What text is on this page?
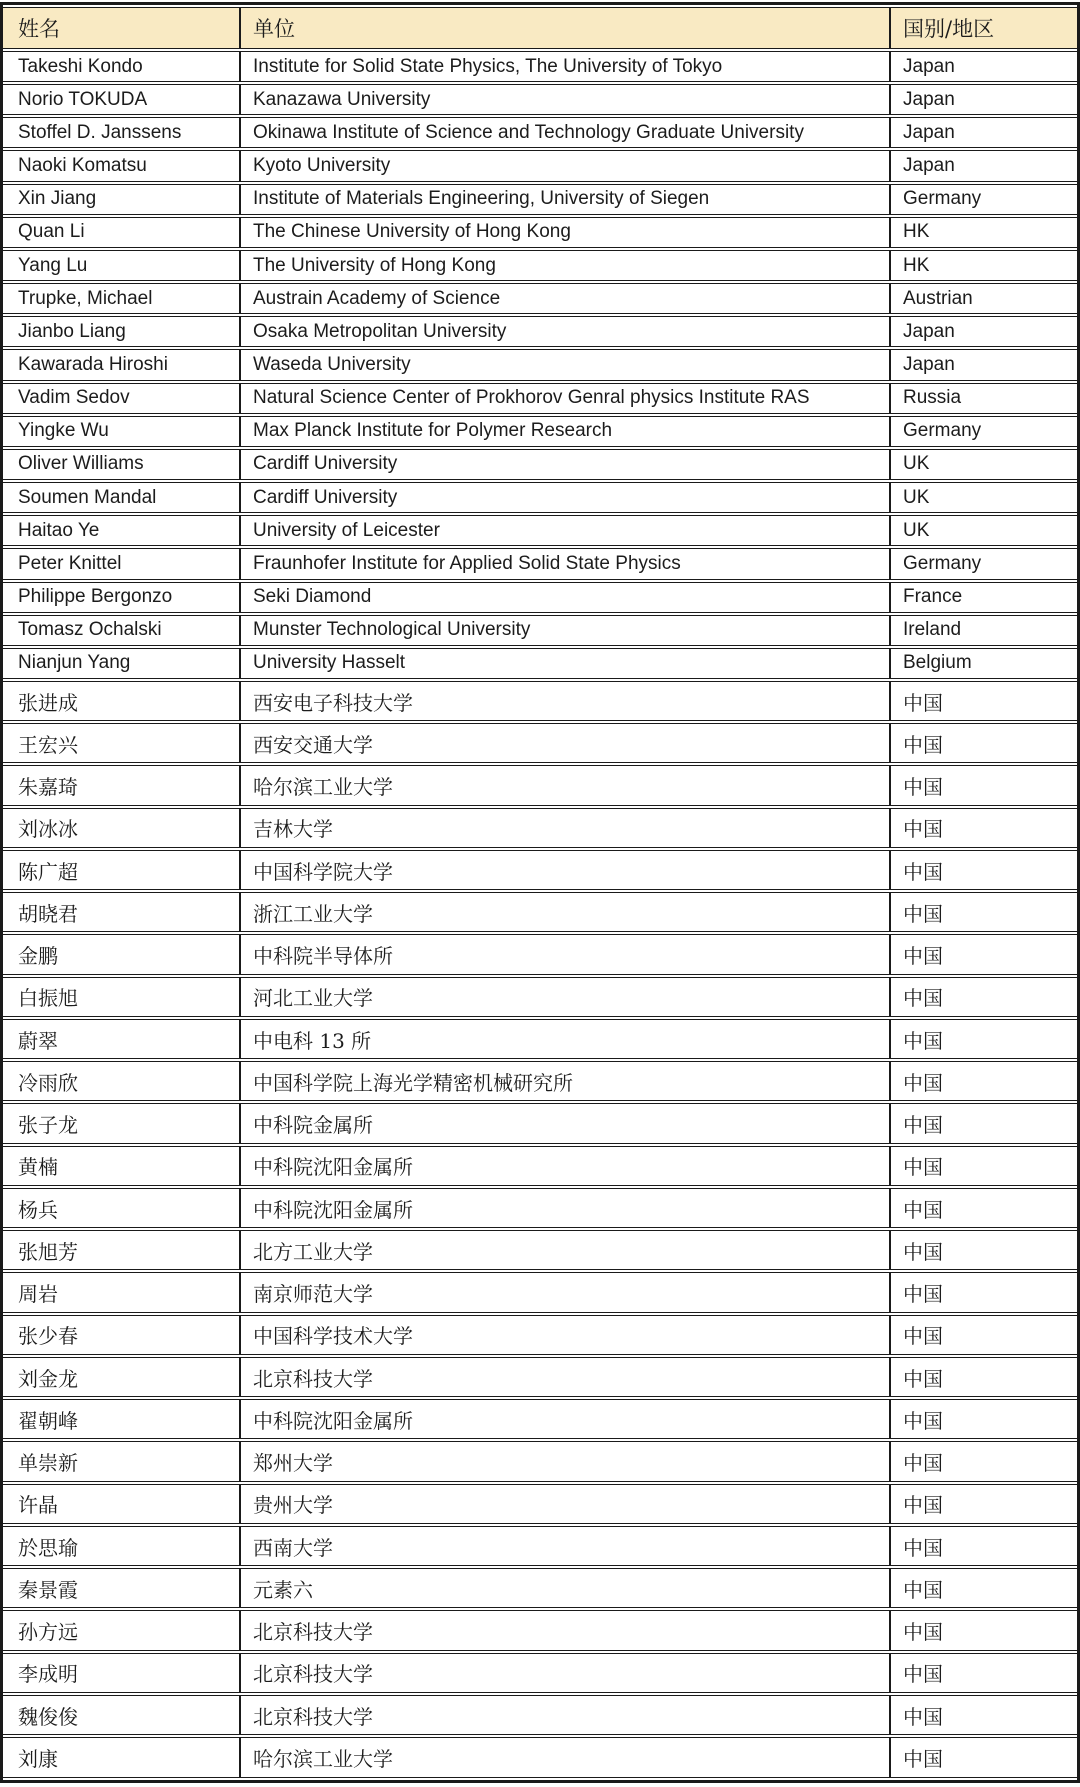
姓名	单位	国别/地区
Takeshi Kondo	Institute for Solid State Physics, The University of Tokyo	Japan
Norio TOKUDA	Kanazawa University	Japan
Stoffel D. Janssens	Okinawa Institute of Science and Technology Graduate University	Japan
Naoki Komatsu	Kyoto University	Japan
Xin Jiang	Institute of Materials Engineering, University of Siegen	Germany
Quan Li	The Chinese University of Hong Kong	HK
Yang Lu	The University of Hong Kong	HK
Trupke, Michael	Austrain Academy of Science	Austrian
Jianbo Liang	Osaka Metropolitan University	Japan
Kawarada Hiroshi	Waseda University	Japan
Vadim Sedov	Natural Science Center of Prokhorov Genral physics Institute RAS	Russia
Yingke Wu	Max Planck Institute for Polymer Research	Germany
Oliver Williams	Cardiff University	UK
Soumen Mandal	Cardiff University	UK
Haitao Ye	University of Leicester	UK
Peter Knittel	Fraunhofer Institute for Applied Solid State Physics	Germany
Philippe Bergonzo	Seki Diamond	France
Tomasz Ochalski	Munster Technological University	Ireland
Nianjun Yang	University Hasselt	Belgium
张进成	西安电子科技大学	中国
王宏兴	西安交通大学	中国
朱嘉琦	哈尔滨工业大学	中国
刘冰冰	吉林大学	中国
陈广超	中国科学院大学	中国
胡晓君	浙江工业大学	中国
金鹏	中科院半导体所	中国
白振旭	河北工业大学	中国
蔚翠	中电科 13 所	中国
冷雨欣	中国科学院上海光学精密机械研究所	中国
张子龙	中科院金属所	中国
黄楠	中科院沈阳金属所	中国
杨兵	中科院沈阳金属所	中国
张旭芳	北方工业大学	中国
周岩	南京师范大学	中国
张少春	中国科学技术大学	中国
刘金龙	北京科技大学	中国
翟朝峰	中科院沈阳金属所	中国
单崇新	郑州大学	中国
许晶	贵州大学	中国
於思瑜	西南大学	中国
秦景霞	元素六	中国
孙方远	北京科技大学	中国
李成明	北京科技大学	中国
魏俊俊	北京科技大学	中国
刘康	哈尔滨工业大学	中国
